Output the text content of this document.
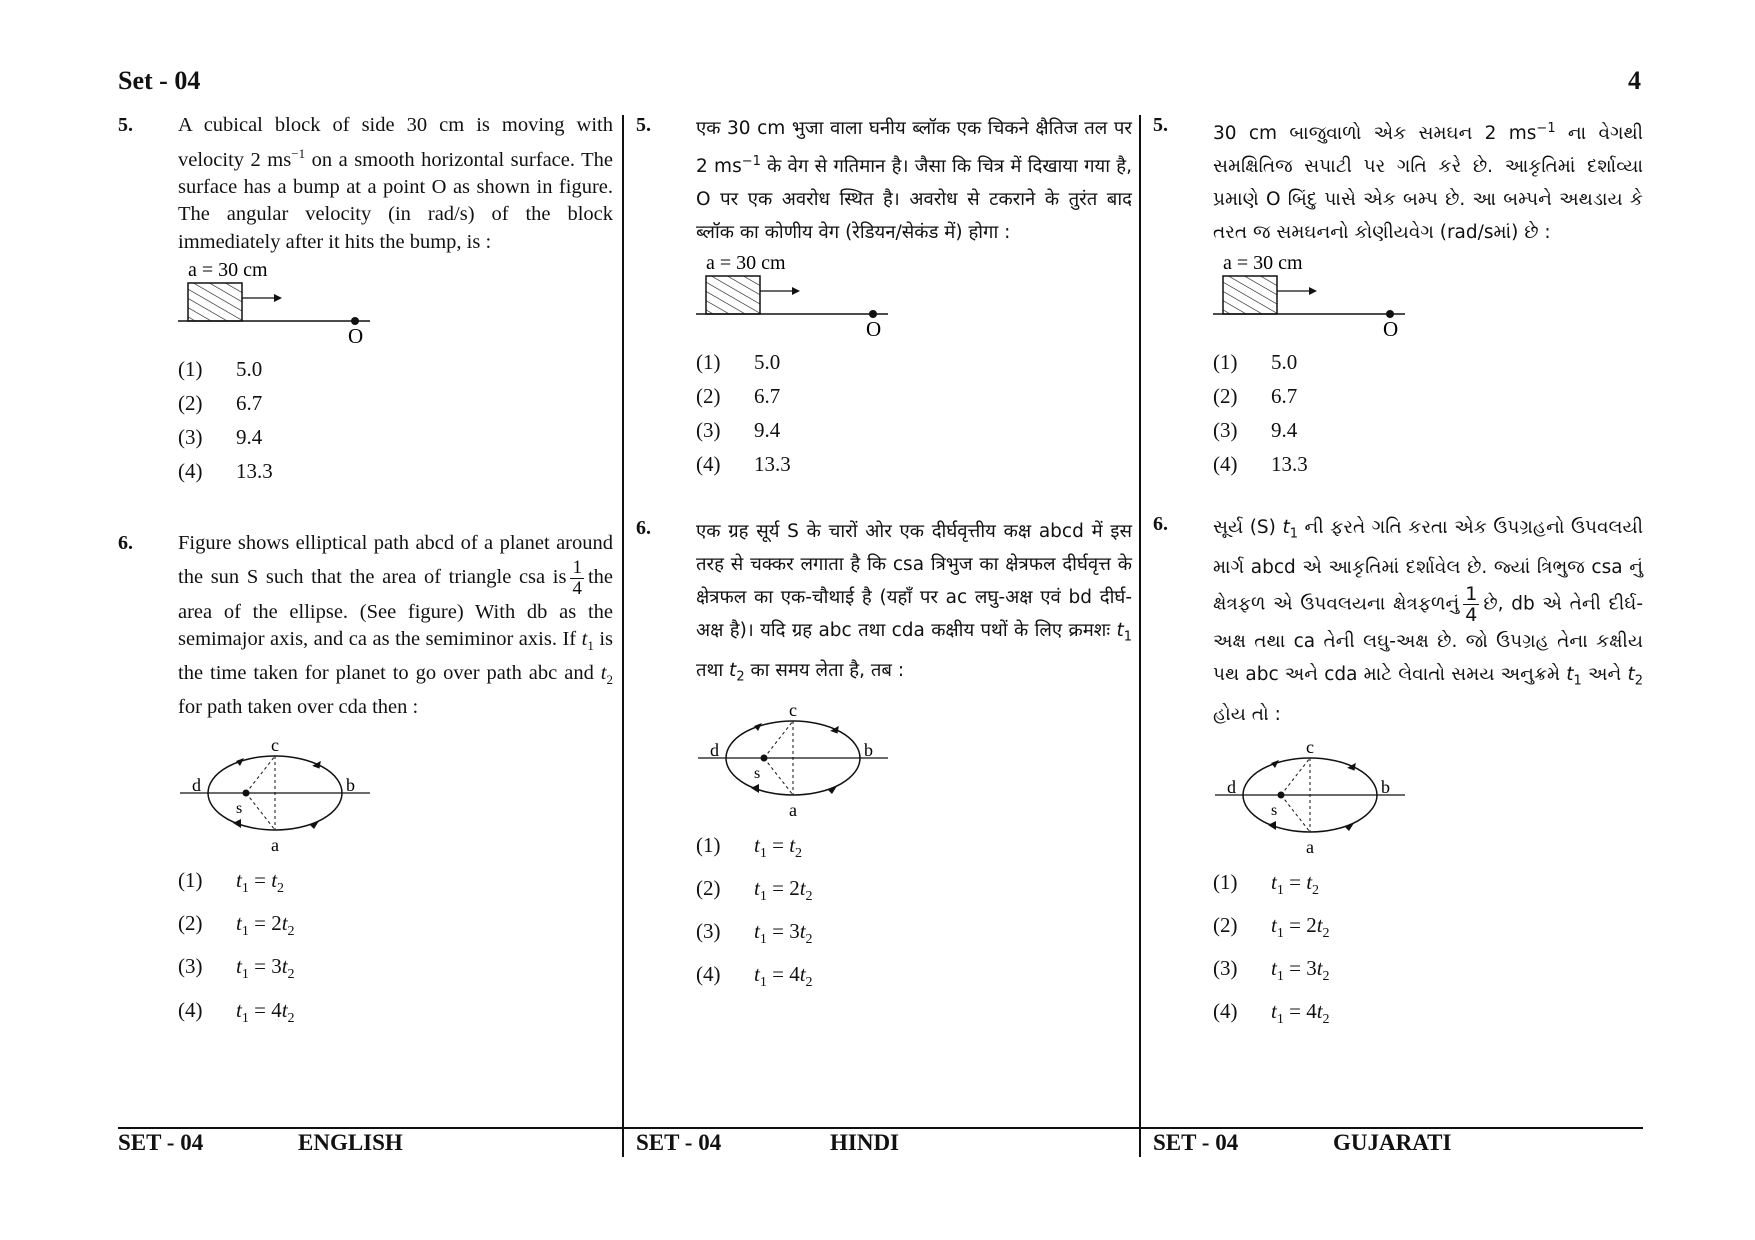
Set - 04	4
5. A cubical block of side 30 cm is moving with velocity 2 $ms^{-1}$ on a smooth horizontal surface. The surface has a bump at a point O as shown in figure. The angular velocity (in rad/s) of the block immediately after it hits the bump, is :
a = 30 cm
O
(1)	5.0
(2)	6.7
(3)	9.4
(4)	13.3
6. Figure shows elliptical path abcd of a planet around the sun S such that the area of triangle csa is $\frac{1}{4}$ the area of the ellipse. (See figure) With db as the semimajor axis, and ca as the semiminor axis. If $t_1$ is the time taken for planet to go over path abc and $t_2$ for path taken over cda then :
c
d	b
s
a
(1)	$t_1 = t_2$
(2)	$t_1 = 2t_2$
(3)	$t_1 = 3t_2$
(4)	$t_1 = 4t_2$
5. एक 30 cm भुजा वाला घनीय ब्लॉक एक चिकने क्षैतिज तल पर 2 $ms^{-1}$ के वेग से गतिमान है। जैसा कि चित्र में दिखाया गया है, O पर एक अवरोध स्थित है। अवरोध से टकराने के तुरंत बाद ब्लॉक का कोणीय वेग (रेडियन/सेकंड में) होगा :
a = 30 cm
O
(1)	5.0
(2)	6.7
(3)	9.4
(4)	13.3
6. एक ग्रह सूर्य S के चारों ओर एक दीर्घवृत्तीय कक्ष abcd में इस तरह से चक्कर लगाता है कि csa त्रिभुज का क्षेत्रफल दीर्घवृत्त के क्षेत्रफल का एक-चौथाई है (यहाँ पर ac लघु-अक्ष एवं bd दीर्घ-अक्ष है)। यदि ग्रह abc तथा cda कक्षीय पथों के लिए क्रमशः $t_1$ तथा $t_2$ का समय लेता है, तब :
c
d	b
s
a
(1)	$t_1 = t_2$
(2)	$t_1 = 2t_2$
(3)	$t_1 = 3t_2$
(4)	$t_1 = 4t_2$
5. 30 cm બાજુવાળો એક સમઘન 2 $ms^{-1}$ ના વેગથી સમક્ષિતિજ સપાટી પર ગતિ કરે છે. આકૃતિમાં દર્શાવ્યા પ્રમાણે O બિંદુ પાસે એક બમ્પ છે. આ બમ્પને અથડાય કે તરત જ સમઘનનો કોણીયવેગ (rad/sમાં) છે :
a = 30 cm
O
(1)	5.0
(2)	6.7
(3)	9.4
(4)	13.3
6. સૂર્ય (S) $t_1$ ની ફરતે ગતિ કરતા એક ઉપગ્રહનો ઉપવલયી માર્ગ abcd એ આકૃતિમાં દર્શાવેલ છે. જ્યાં ત્રિભુજ csa નું ક્ષેત્રફળ એ ઉપવલયના ક્ષેત્રફળનું $\frac{1}{4}$ છે, db એ તેની દીર્ઘ-અક્ષ તથા ca તેની લઘુ-અક્ષ છે. જો ઉપગ્રહ તેના કક્ષીય પથ abc અને cda માટે લેવાતો સમય અનુક્રમે $t_1$ અને $t_2$ હોય તો :
c
d	b
s
a
(1)	$t_1 = t_2$
(2)	$t_1 = 2t_2$
(3)	$t_1 = 3t_2$
(4)	$t_1 = 4t_2$
SET - 04	ENGLISH	SET - 04	HINDI	SET - 04	GUJARATI
